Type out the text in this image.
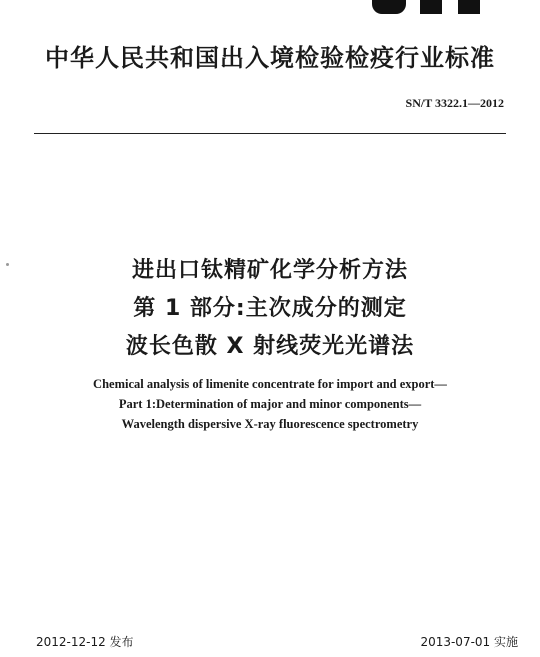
中华人民共和国出入境检验检疫行业标准
SN/T 3322.1—2012
进出口钛精矿化学分析方法
第 1 部分:主次成分的测定
波长色散 X 射线荧光光谱法
Chemical analysis of limenite concentrate for import and export—
Part 1:Determination of major and minor components—
Wavelength dispersive X-ray fluorescence spectrometry
2012-12-12 发布	2013-07-01 实施
